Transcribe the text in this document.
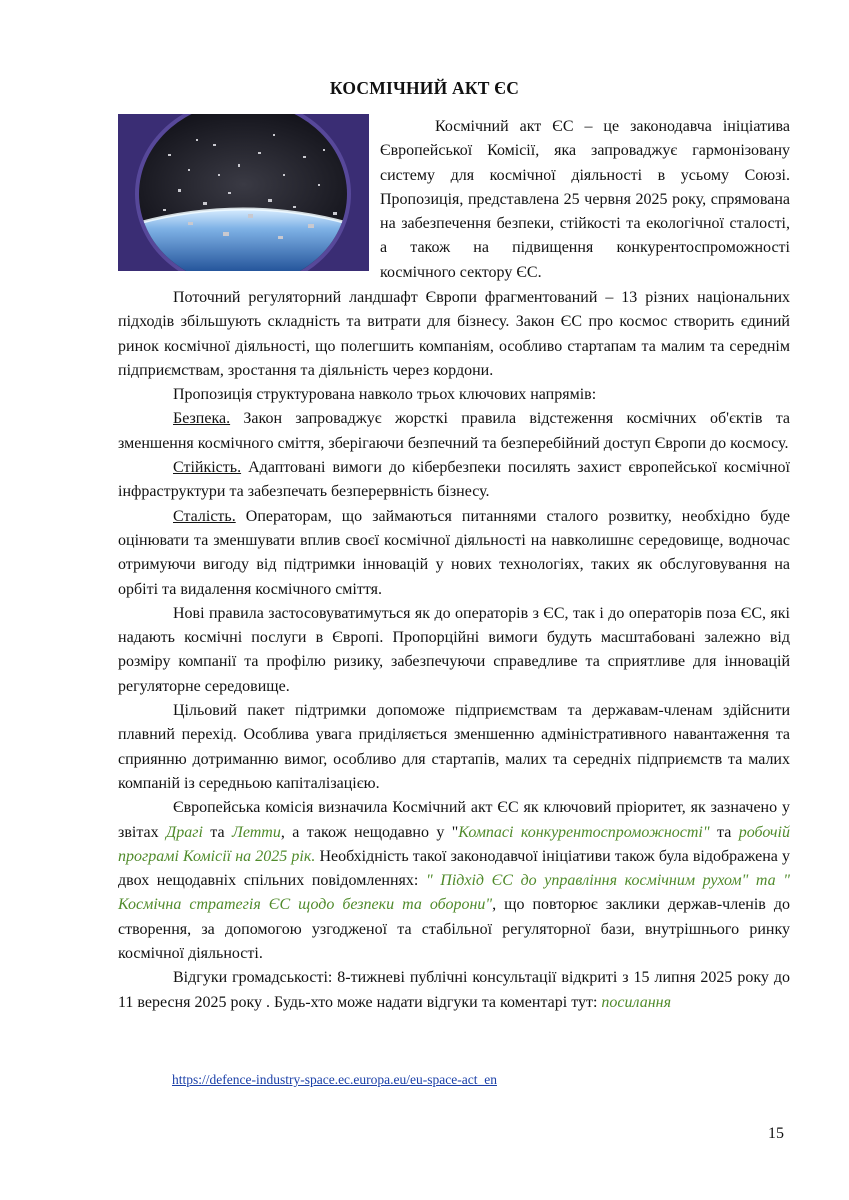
КОСМІЧНИЙ АКТ ЄС

Космічний акт ЄС – це законодавча ініціатива Європейської Комісії, яка запроваджує гармонізовану систему для космічної діяльності в усьому Союзі. Пропозиція, представлена 25 червня 2025 року, спрямована на забезпечення безпеки, стійкості та екологічної сталості, а також на підвищення конкурентоспроможності космічного сектору ЄС.

Поточний регуляторний ландшафт Європи фрагментований – 13 різних національних підходів збільшують складність та витрати для бізнесу. Закон ЄС про космос створить єдиний ринок космічної діяльності, що полегшить компаніям, особливо стартапам та малим та середнім підприємствам, зростання та діяльність через кордони.

Пропозиція структурована навколо трьох ключових напрямів:

Безпека. Закон запроваджує жорсткі правила відстеження космічних об'єктів та зменшення космічного сміття, зберігаючи безпечний та безперебійний доступ Європи до космосу.

Стійкість. Адаптовані вимоги до кібербезпеки посилять захист європейської космічної інфраструктури та забезпечать безперервність бізнесу.

Сталість. Операторам, що займаються питаннями сталого розвитку, необхідно буде оцінювати та зменшувати вплив своєї космічної діяльності на навколишнє середовище, водночас отримуючи вигоду від підтримки інновацій у нових технологіях, таких як обслуговування на орбіті та видалення космічного сміття.

Нові правила застосовуватимуться як до операторів з ЄС, так і до операторів поза ЄС, які надають космічні послуги в Європі. Пропорційні вимоги будуть масштабовані залежно від розміру компанії та профілю ризику, забезпечуючи справедливе та сприятливе для інновацій регуляторне середовище.

Цільовий пакет підтримки допоможе підприємствам та державам-членам здійснити плавний перехід. Особлива увага приділяється зменшенню адміністративного навантаження та сприянню дотриманню вимог, особливо для стартапів, малих та середніх підприємств та малих компаній із середньою капіталізацією.

Європейська комісія визначила Космічний акт ЄС як ключовий пріоритет, як зазначено у звітах Драгі та Летти, а також нещодавно у "Компасі конкурентоспроможності" та робочій програмі Комісії на 2025 рік. Необхідність такої законодавчої ініціативи також була відображена у двох нещодавніх спільних повідомленнях: " Підхід ЄС до управління космічним рухом" та " Космічна стратегія ЄС щодо безпеки та оборони", що повторює заклики держав-членів до створення, за допомогою узгодженої та стабільної регуляторної бази, внутрішнього ринку космічної діяльності.

Відгуки громадськості: 8-тижневі публічні консультації відкриті з 15 липня 2025 року до 11 вересня 2025 року . Будь-хто може надати відгуки та коментарі тут: посилання

https://defence-industry-space.ec.europa.eu/eu-space-act_en
15
